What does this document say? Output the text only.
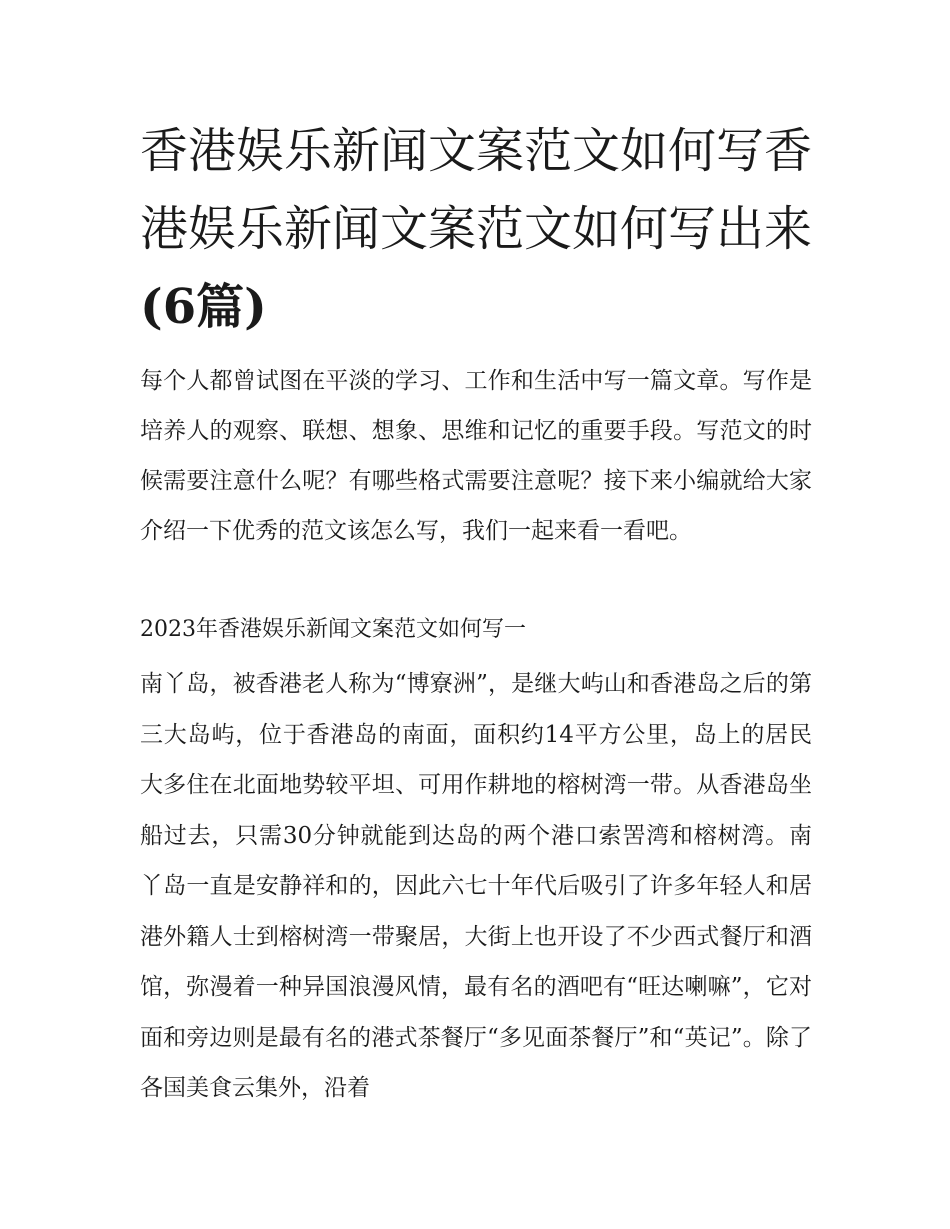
香港娱乐新闻文案范文如何写香港娱乐新闻文案范文如何写出来(6篇)

每个人都曾试图在平淡的学习、工作和生活中写一篇文章。写作是培养人的观察、联想、想象、思维和记忆的重要手段。写范文的时候需要注意什么呢？有哪些格式需要注意呢？接下来小编就给大家介绍一下优秀的范文该怎么写，我们一起来看一看吧。

2023年香港娱乐新闻文案范文如何写一

南丫岛，被香港老人称为“博寮洲”，是继大屿山和香港岛之后的第三大岛屿，位于香港岛的南面，面积约14平方公里，岛上的居民大多住在北面地势较平坦、可用作耕地的榕树湾一带。从香港岛坐船过去，只需30分钟就能到达岛的两个港口索罟湾和榕树湾。南丫岛一直是安静祥和的，因此六七十年代后吸引了许多年轻人和居港外籍人士到榕树湾一带聚居，大街上也开设了不少西式餐厅和酒馆，弥漫着一种异国浪漫风情，最有名的酒吧有“旺达喇嘛”，它对面和旁边则是最有名的港式茶餐厅“多见面茶餐厅”和“英记”。除了各国美食云集外，沿着
